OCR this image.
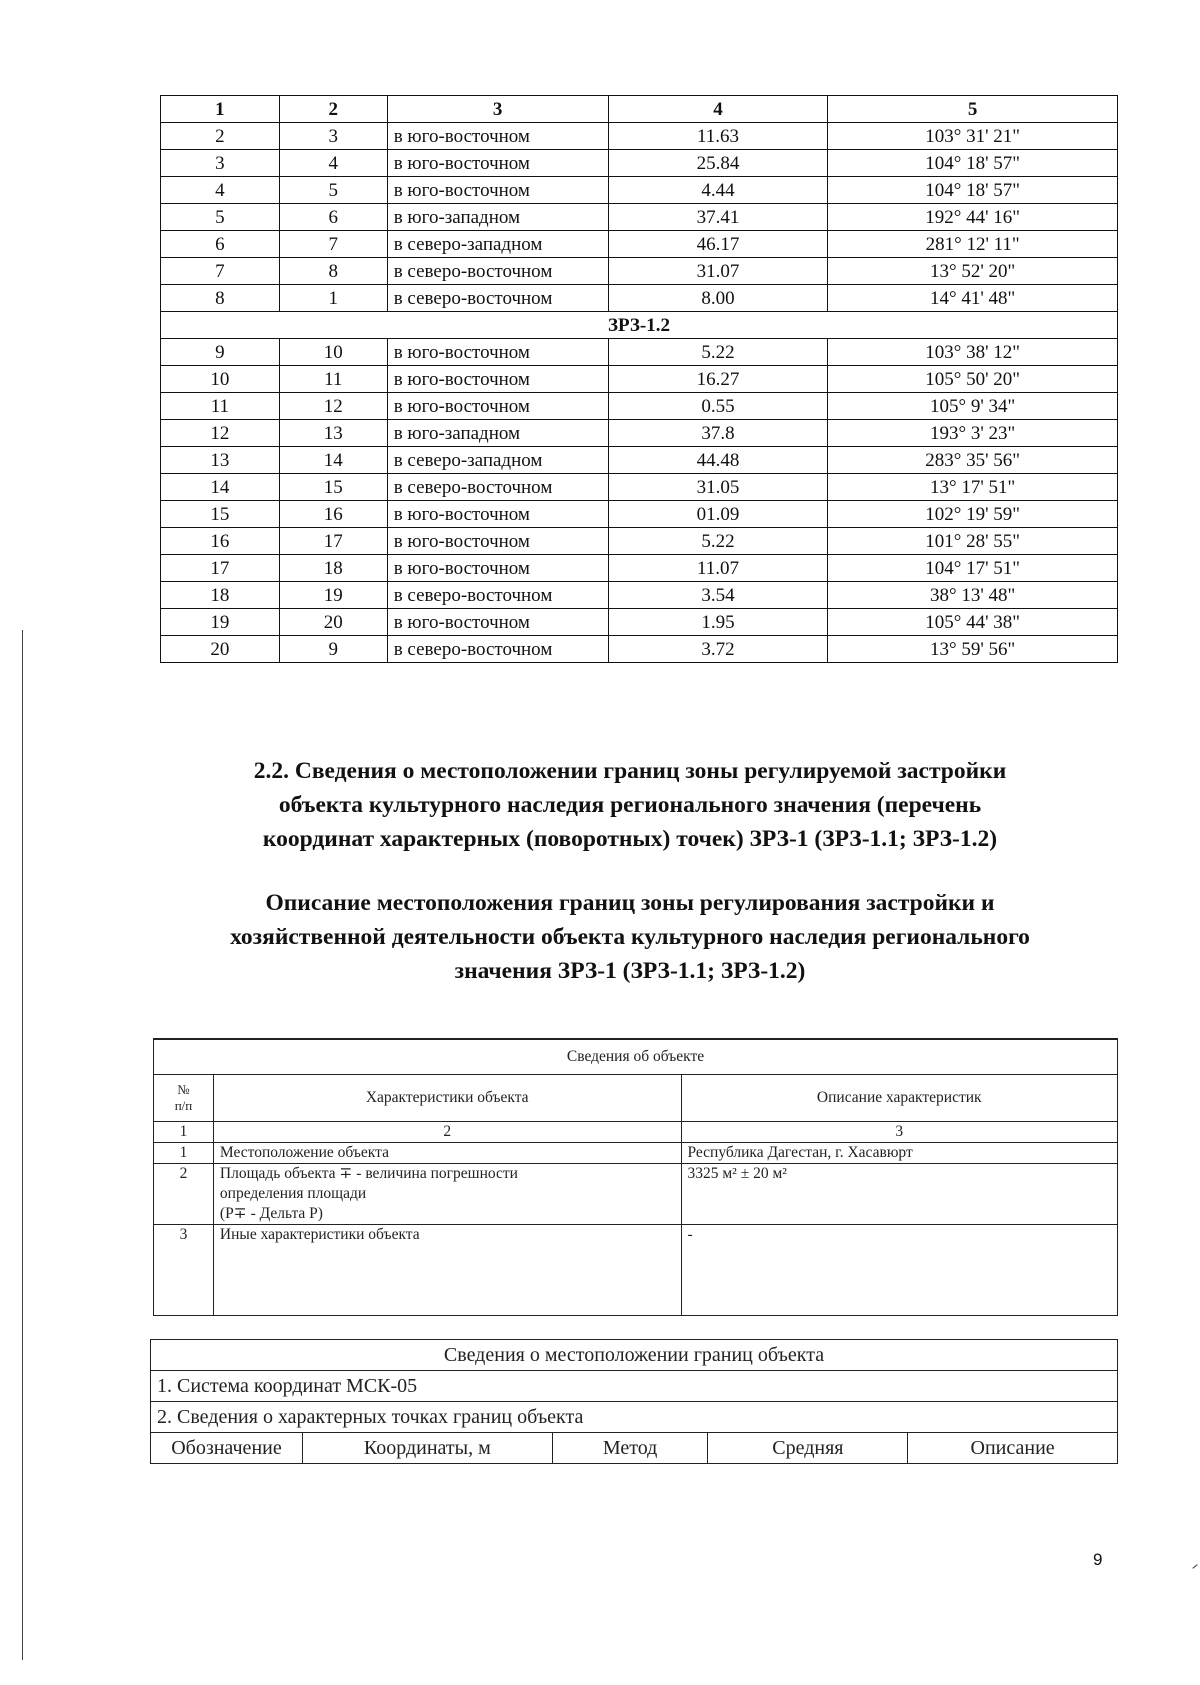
1	2	3	4	5
2	3	в юго-восточном	11.63	103° 31' 21"
3	4	в юго-восточном	25.84	104° 18' 57"
4	5	в юго-восточном	4.44	104° 18' 57"
5	6	в юго-западном	37.41	192° 44' 16"
6	7	в северо-западном	46.17	281° 12' 11"
7	8	в северо-восточном	31.07	13° 52' 20"
8	1	в северо-восточном	8.00	14° 41' 48"
ЗРЗ-1.2				
9	10	в юго-восточном	5.22	103° 38' 12"
10	11	в юго-восточном	16.27	105° 50' 20"
11	12	в юго-восточном	0.55	105° 9' 34"
12	13	в юго-западном	37.8	193° 3' 23"
13	14	в северо-западном	44.48	283° 35' 56"
14	15	в северо-восточном	31.05	13° 17' 51"
15	16	в юго-восточном	01.09	102° 19' 59"
16	17	в юго-восточном	5.22	101° 28' 55"
17	18	в юго-восточном	11.07	104° 17' 51"
18	19	в северо-восточном	3.54	38° 13' 48"
19	20	в юго-восточном	1.95	105° 44' 38"
20	9	в северо-восточном	3.72	13° 59' 56"
2.2. Сведения о местоположении границ зоны регулируемой застройки
объекта культурного наследия регионального значения (перечень
координат характерных (поворотных) точек) ЗРЗ-1 (ЗРЗ-1.1; ЗРЗ-1.2)
Описание местоположения границ зоны регулирования застройки и
хозяйственной деятельности объекта культурного наследия регионального
значения ЗРЗ-1 (ЗРЗ-1.1; ЗРЗ-1.2)
Сведения об объекте		
№
п/п	Характеристики объекта	Описание характеристик
1	2	3
1	Местоположение объекта	Республика Дагестан, г. Хасавюрт
2	Площадь объекта ∓ - величина погрешности
определения площади
(Р∓ - Дельта Р)	3325 м² ± 20 м²
3	Иные характеристики объекта	-
Сведения о местоположении границ объекта
1. Система координат МСК-05
2. Сведения о характерных точках границ объекта
Обозначение	Координаты, м	Метод	Средняя	Описание
9
